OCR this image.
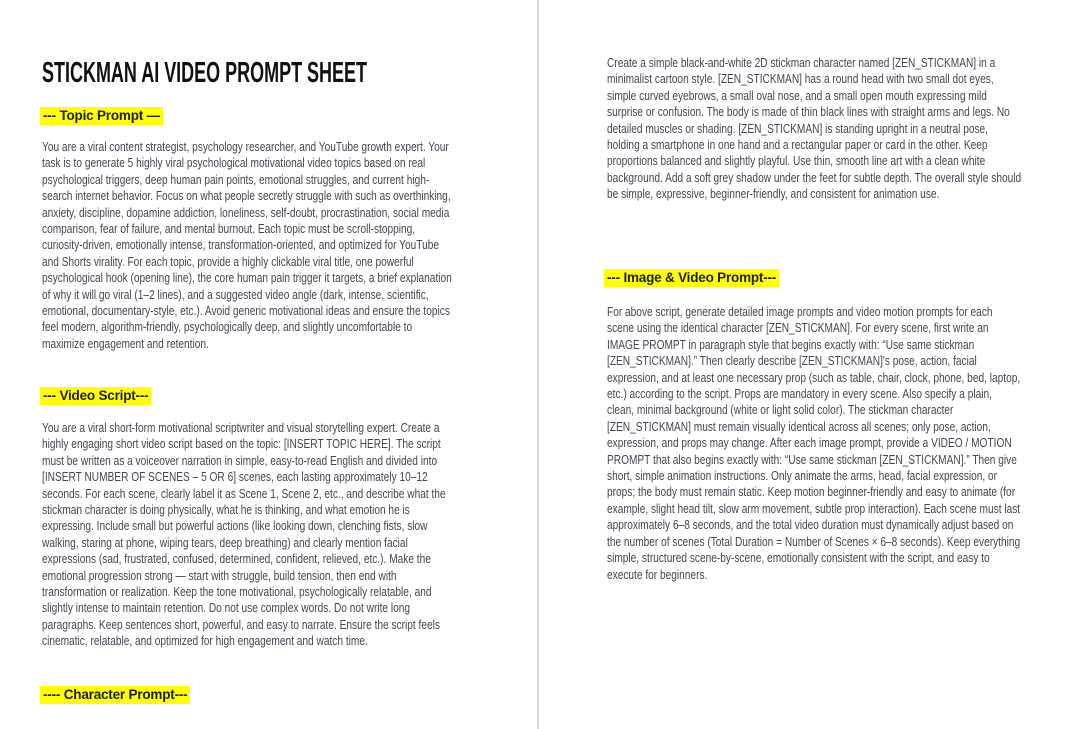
STICKMAN AI VIDEO PROMPT SHEET
--- Topic Prompt —

You are a viral content strategist, psychology researcher, and YouTube growth expert. Your task is to generate 5 highly viral psychological motivational video topics based on real psychological triggers, deep human pain points, emotional struggles, and current high-search internet behavior. Focus on what people secretly struggle with such as overthinking, anxiety, discipline, dopamine addiction, loneliness, self-doubt, procrastination, social media comparison, fear of failure, and mental burnout. Each topic must be scroll-stopping, curiosity-driven, emotionally intense, transformation-oriented, and optimized for YouTube and Shorts virality. For each topic, provide a highly clickable viral title, one powerful psychological hook (opening line), the core human pain trigger it targets, a brief explanation of why it will go viral (1–2 lines), and a suggested video angle (dark, intense, scientific, emotional, documentary-style, etc.). Avoid generic motivational ideas and ensure the topics feel modern, algorithm-friendly, psychologically deep, and slightly uncomfortable to maximize engagement and retention.

--- Video Script---

You are a viral short-form motivational scriptwriter and visual storytelling expert. Create a highly engaging short video script based on the topic: [INSERT TOPIC HERE]. The script must be written as a voiceover narration in simple, easy-to-read English and divided into [INSERT NUMBER OF SCENES – 5 OR 6] scenes, each lasting approximately 10–12 seconds. For each scene, clearly label it as Scene 1, Scene 2, etc., and describe what the stickman character is doing physically, what he is thinking, and what emotion he is expressing. Include small but powerful actions (like looking down, clenching fists, slow walking, staring at phone, wiping tears, deep breathing) and clearly mention facial expressions (sad, frustrated, confused, determined, confident, relieved, etc.). Make the emotional progression strong — start with struggle, build tension, then end with transformation or realization. Keep the tone motivational, psychologically relatable, and slightly intense to maintain retention. Do not use complex words. Do not write long paragraphs. Keep sentences short, powerful, and easy to narrate. Ensure the script feels cinematic, relatable, and optimized for high engagement and watch time.

---- Character Prompt---

Create a simple black-and-white 2D stickman character named [ZEN_STICKMAN] in a minimalist cartoon style. [ZEN_STICKMAN] has a round head with two small dot eyes, simple curved eyebrows, a small oval nose, and a small open mouth expressing mild surprise or confusion. The body is made of thin black lines with straight arms and legs. No detailed muscles or shading. [ZEN_STICKMAN] is standing upright in a neutral pose, holding a smartphone in one hand and a rectangular paper or card in the other. Keep proportions balanced and slightly playful. Use thin, smooth line art with a clean white background. Add a soft grey shadow under the feet for subtle depth. The overall style should be simple, expressive, beginner-friendly, and consistent for animation use.

--- Image & Video Prompt---

For above script, generate detailed image prompts and video motion prompts for each scene using the identical character [ZEN_STICKMAN]. For every scene, first write an IMAGE PROMPT in paragraph style that begins exactly with: “Use same stickman [ZEN_STICKMAN].” Then clearly describe [ZEN_STICKMAN]'s pose, action, facial expression, and at least one necessary prop (such as table, chair, clock, phone, bed, laptop, etc.) according to the script. Props are mandatory in every scene. Also specify a plain, clean, minimal background (white or light solid color). The stickman character [ZEN_STICKMAN] must remain visually identical across all scenes; only pose, action, expression, and props may change. After each image prompt, provide a VIDEO / MOTION PROMPT that also begins exactly with: “Use same stickman [ZEN_STICKMAN].” Then give short, simple animation instructions. Only animate the arms, head, facial expression, or props; the body must remain static. Keep motion beginner-friendly and easy to animate (for example, slight head tilt, slow arm movement, subtle prop interaction). Each scene must last approximately 6–8 seconds, and the total video duration must dynamically adjust based on the number of scenes (Total Duration = Number of Scenes × 6–8 seconds). Keep everything simple, structured scene-by-scene, emotionally consistent with the script, and easy to execute for beginners.
